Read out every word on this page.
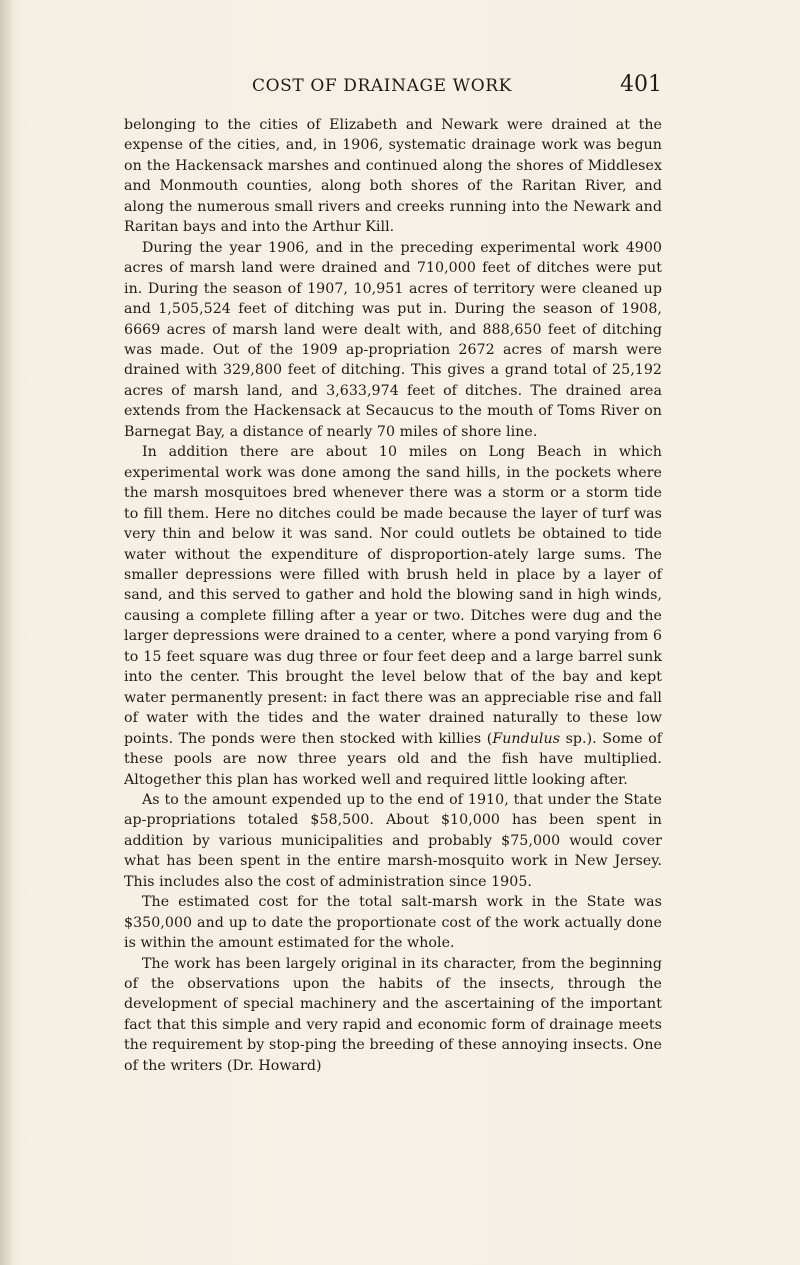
COST OF DRAINAGE WORK	401

belonging to the cities of Elizabeth and Newark were drained at the expense of the cities, and, in 1906, systematic drainage work was begun on the Hackensack marshes and continued along the shores of Middlesex and Monmouth counties, along both shores of the Raritan River, and along the numerous small rivers and creeks running into the Newark and Raritan bays and into the Arthur Kill.

During the year 1906, and in the preceding experimental work 4900 acres of marsh land were drained and 710,000 feet of ditches were put in. During the season of 1907, 10,951 acres of territory were cleaned up and 1,505,524 feet of ditching was put in. During the season of 1908, 6669 acres of marsh land were dealt with, and 888,650 feet of ditching was made. Out of the 1909 ap-propriation 2672 acres of marsh were drained with 329,800 feet of ditching. This gives a grand total of 25,192 acres of marsh land, and 3,633,974 feet of ditches. The drained area extends from the Hackensack at Secaucus to the mouth of Toms River on Barnegat Bay, a distance of nearly 70 miles of shore line.

In addition there are about 10 miles on Long Beach in which experimental work was done among the sand hills, in the pockets where the marsh mosquitoes bred whenever there was a storm or a storm tide to fill them. Here no ditches could be made because the layer of turf was very thin and below it was sand. Nor could outlets be obtained to tide water without the expenditure of disproportion-ately large sums. The smaller depressions were filled with brush held in place by a layer of sand, and this served to gather and hold the blowing sand in high winds, causing a complete filling after a year or two. Ditches were dug and the larger depressions were drained to a center, where a pond varying from 6 to 15 feet square was dug three or four feet deep and a large barrel sunk into the center. This brought the level below that of the bay and kept water permanently present: in fact there was an appreciable rise and fall of water with the tides and the water drained naturally to these low points. The ponds were then stocked with killies (Fundulus sp.). Some of these pools are now three years old and the fish have multiplied. Altogether this plan has worked well and required little looking after.

As to the amount expended up to the end of 1910, that under the State ap-propriations totaled $58,500. About $10,000 has been spent in addition by various municipalities and probably $75,000 would cover what has been spent in the entire marsh-mosquito work in New Jersey. This includes also the cost of administration since 1905.

The estimated cost for the total salt-marsh work in the State was $350,000 and up to date the proportionate cost of the work actually done is within the amount estimated for the whole.

The work has been largely original in its character, from the beginning of the observations upon the habits of the insects, through the development of special machinery and the ascertaining of the important fact that this simple and very rapid and economic form of drainage meets the requirement by stop-ping the breeding of these annoying insects. One of the writers (Dr. Howard)
